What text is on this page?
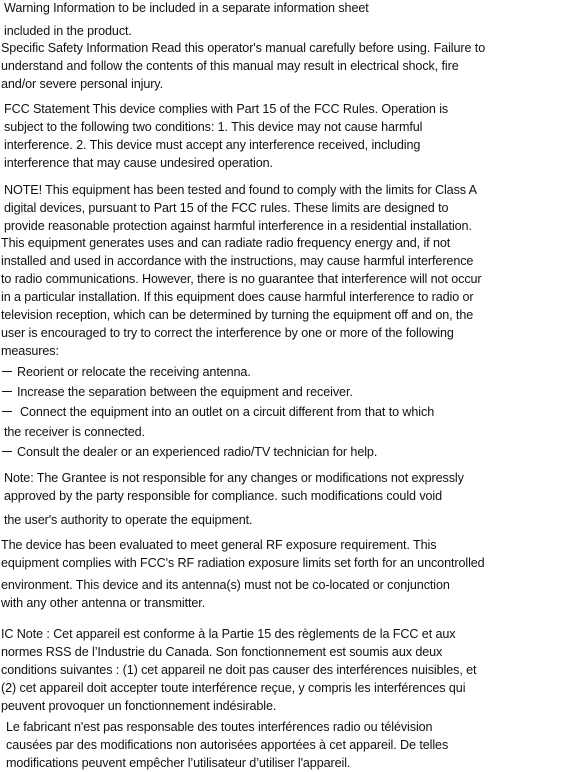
Warning Information to be included in a separate information sheet
included in the product.
Specific Safety Information Read this operator's manual carefully before using. Failure to
understand and follow the contents of this manual may result in electrical shock, fire
and/or severe personal injury.
FCC Statement This device complies with Part 15 of the FCC Rules. Operation is
subject to the following two conditions: 1. This device may not cause harmful
interference. 2. This device must accept any interference received, including
interference that may cause undesired operation.
NOTE! This equipment has been tested and found to comply with the limits for Class A
digital devices, pursuant to Part 15 of the FCC rules. These limits are designed to
provide reasonable protection against harmful interference in a residential installation.
This equipment generates uses and can radiate radio frequency energy and, if not
installed and used in accordance with the instructions, may cause harmful interference
to radio communications. However, there is no guarantee that interference will not occur
in a particular installation. If this equipment does cause harmful interference to radio or
television reception, which can be determined by turning the equipment off and on, the
user is encouraged to try to correct the interference by one or more of the following
measures:
Reorient or relocate the receiving antenna.
Increase the separation between the equipment and receiver.
Connect the equipment into an outlet on a circuit different from that to which
the receiver is connected.
Consult the dealer or an experienced radio/TV technician for help.
Note: The Grantee is not responsible for any changes or modifications not expressly
approved by the party responsible for compliance. such modifications could void
the user's authority to operate the equipment.
The device has been evaluated to meet general RF exposure requirement. This
equipment complies with FCC's RF radiation exposure limits set forth for an uncontrolled
environment. This device and its antenna(s) must not be co-located or conjunction
with any other antenna or transmitter.
IC Note : Cet appareil est conforme à la Partie 15 des règlements de la FCC et aux
normes RSS de l’Industrie du Canada. Son fonctionnement est soumis aux deux
conditions suivantes : (1) cet appareil ne doit pas causer des interférences nuisibles, et
(2) cet appareil doit accepter toute interférence reçue, y compris les interférences qui
peuvent provoquer un fonctionnement indésirable.
Le fabricant n'est pas responsable des toutes interférences radio ou télévision
causées par des modifications non autorisées apportées à cet appareil. De telles
modifications peuvent empêcher l’utilisateur d’utiliser l'appareil.
